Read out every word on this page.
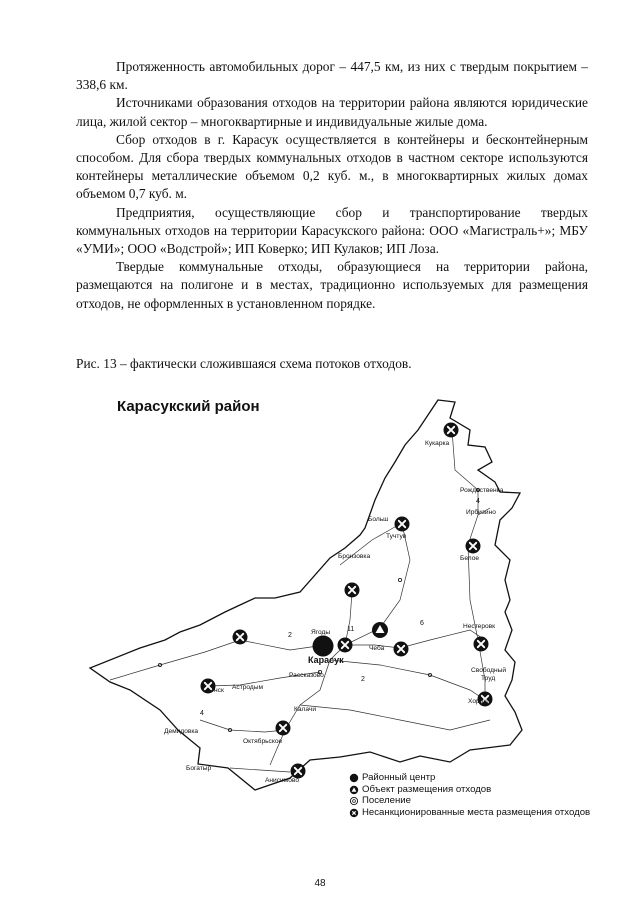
Протяженность автомобильных дорог – 447,5 км, из них с твердым покрытием – 338,6 км.

Источниками образования отходов на территории района являются юридические лица, жилой сектор – многоквартирные и индивидуальные жилые дома.

Сбор отходов в г. Карасук осуществляется в контейнеры и бесконтейнерным способом. Для сбора твердых коммунальных отходов в частном секторе используются контейнеры металлические объемом 0,2 куб. м., в многоквартирных жилых домах объемом 0,7 куб. м.

Предприятия, осуществляющие сбор и транспортирование твердых коммунальных отходов на территории Карасукского района: ООО «Магистраль+»; МБУ «УМИ»; ООО «Водстрой»; ИП Коверко; ИП Кулаков; ИП Лоза.

Твердые коммунальные отходы, образующиеся на территории района, размещаются на полигоне и в местах, традиционно используемых для размещения отходов, не оформленных в установленном порядке.

Рис. 13 – фактически сложившаяся схема потоков отходов.
Карасукский район
Кукарка
Рождественка
Ирбизино
Больш
Тучтув
Бронзовка	Белое
Ягоды
Карасук
Чеба
Нестеровк
Рассказово
Астродым
нск
Свободный
Труд
Хороше
Калачи
Демидовка
Октябрьское
Богатыр
Анисимово
4
2
11
6
2
4
Районный центр
Объект размещения отходов
Поселение
Несанкционированные места размещения отходов
48
